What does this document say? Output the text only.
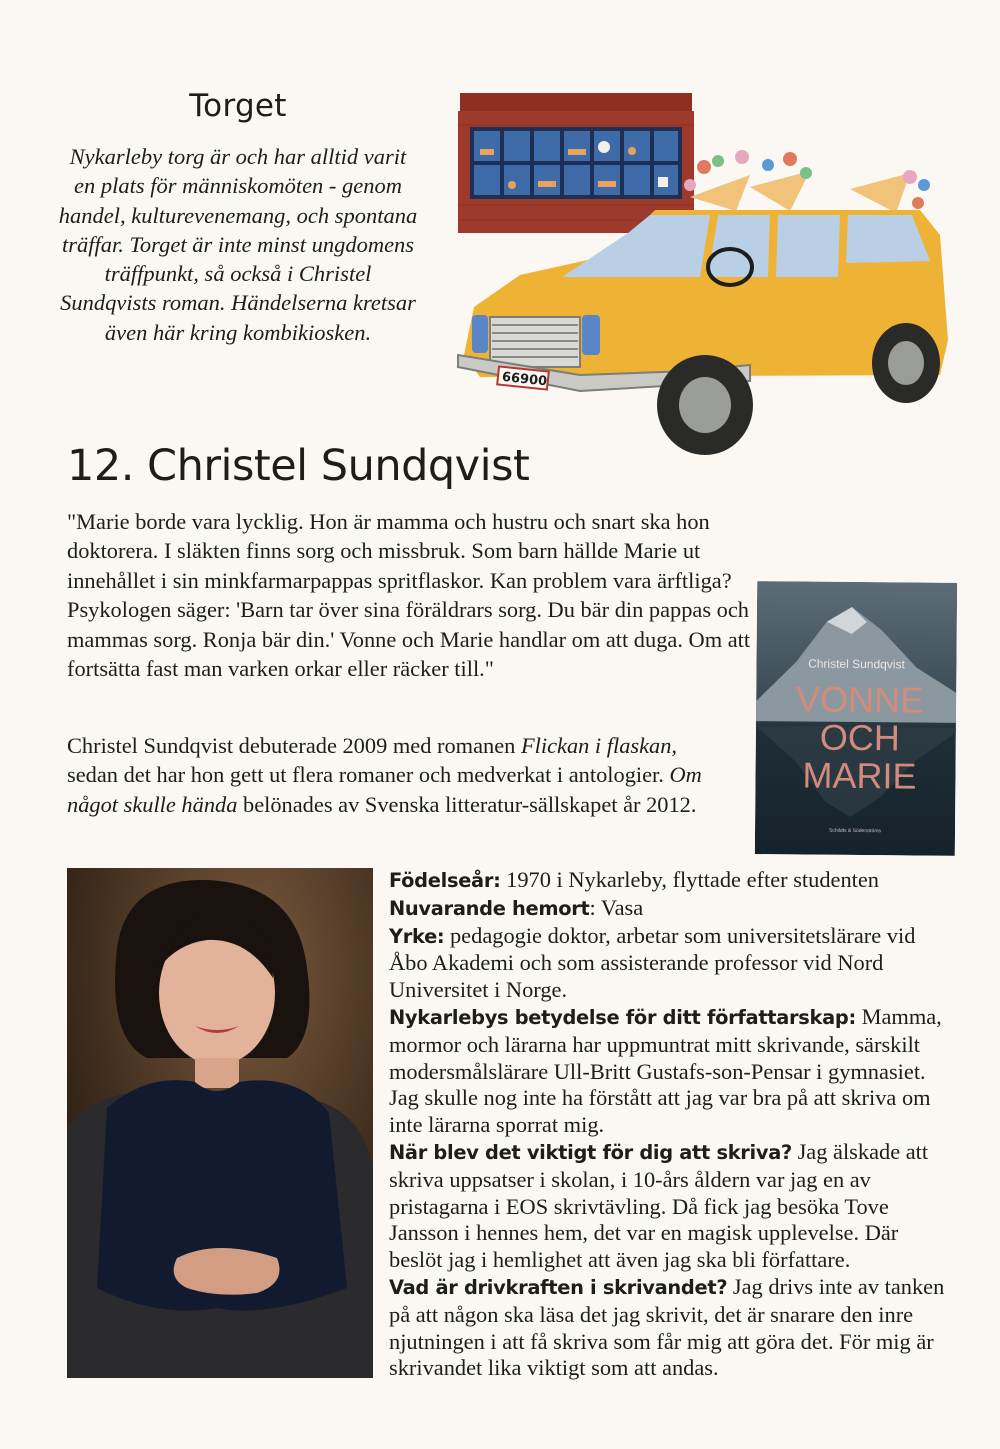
Torget

Nykarleby torg är och har alltid varit en plats för människomöten - genom handel, kulturevenemang, och spontana träffar. Torget är inte minst ungdomens träffpunkt, så också i Christel Sundqvists roman. Händelserna kretsar även här kring kombikiosken.

66900
12. Christel Sundqvist

"Marie borde vara lycklig. Hon är mamma och hustru och snart ska hon doktorera. I släkten finns sorg och missbruk. Som barn hällde Marie ut innehållet i sin minkfarmarpappas spritflaskor. Kan problem vara ärftliga? Psykologen säger: 'Barn tar över sina föräldrars sorg. Du bär din pappas och mammas sorg. Ronja bär din.' Vonne och Marie handlar om att duga. Om att fortsätta fast man varken orkar eller räcker till."

Christel Sundqvist debuterade 2009 med romanen Flickan i flaskan, sedan det har hon gett ut flera romaner och medverkat i antologier. Om något skulle hända belönades av Svenska litteratur-sällskapet år 2012.

Christel Sundqvist
VONNE
OCH
MARIE
Schildts & Söderströms

Födelseår: 1970 i Nykarleby, flyttade efter studenten

Nuvarande hemort: Vasa

Yrke: pedagogie doktor, arbetar som universitetslärare vid Åbo Akademi och som assisterande professor vid Nord Universitet i Norge.

Nykarlebys betydelse för ditt författarskap: Mamma, mormor och lärarna har uppmuntrat mitt skrivande, särskilt modersmålslärare Ull-Britt Gustafs-son-Pensar i gymnasiet. Jag skulle nog inte ha förstått att jag var bra på att skriva om inte lärarna sporrat mig.

När blev det viktigt för dig att skriva? Jag älskade att skriva uppsatser i skolan, i 10-års åldern var jag en av pristagarna i EOS skrivtävling. Då fick jag besöka Tove Jansson i hennes hem, det var en magisk upplevelse. Där beslöt jag i hemlighet att även jag ska bli författare.

Vad är drivkraften i skrivandet? Jag drivs inte av tanken på att någon ska läsa det jag skrivit, det är snarare den inre njutningen i att få skriva som får mig att göra det. För mig är skrivandet lika viktigt som att andas.
